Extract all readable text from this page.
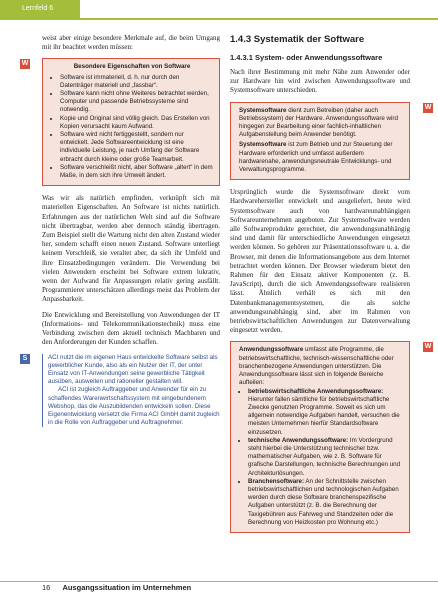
Lernfeld 6

weist aber einige besondere Merkmale auf, die beim Umgang mit ihr beachtet werden müssen:

W	Besondere Eigenschaften von Software
• Software ist immateriell, d. h. nur durch den Datenträger materiell und „fassbar“.
• Software kann nicht ohne Weiteres betrachtet werden, Computer und passende Betriebssysteme sind notwendig.
• Kopie und Original sind völlig gleich. Das Erstellen von Kopien verursacht kaum Aufwand.
• Software wird nicht fertiggestellt, sondern nur entwickelt. Jede Softwareentwicklung ist eine individuelle Leistung, je nach Umfang der Software erbracht durch kleine oder große Teamarbeit.
• Software verschleißt nicht, aber Software „altert“ in dem Maße, in dem sich ihre Umwelt ändert.

Was wir als natürlich empfinden, verknüpft sich mit materiellen Eigenschaften. An Software ist nichts natürlich. Erfahrungen aus der natürlichen Welt sind auf die Software nicht übertragbar, werden aber dennoch ständig übertragen. Zum Beispiel stellt die Wartung nicht den alten Zustand wieder her, sondern schafft einen neuen Zustand. Software unterliegt keinem Verschleiß, sie veraltet aber, da sich ihr Umfeld und ihre Einsatzbedingungen verändern. Die Verwendung bei vielen Anwendern erscheint bei Software extrem lukrativ, wenn der Aufwand für Anpassungen relativ gering ausfällt. Programmierer unterschätzen allerdings meist das Problem der Anpassbarkeit.

Die Entwicklung und Bereitstellung von Anwendungen der IT (Informations- und Telekommunikationstechnik) muss eine Verbindung zwischen dem aktuell technisch Machbaren und den Anforderungen der Kunden schaffen.

S	ACI nutzt die im eigenen Haus entwickelte Software selbst als gewerblicher Kunde, also als ein Nutzer der IT, der unter Einsatz von IT-Anwendungen seine gewerbliche Tätigkeit ausüben, ausweiten und rationeller gestalten will.
ACI ist zugleich Auftraggeber und Anwender für ein zu schaffendes Warenwirtschaftssystem mit eingebundenem Webshop, das die Auszubildenden entwickeln sollen. Diese Eigenentwicklung versetzt die Firma ACI GmbH damit zugleich in die Rolle von Auftraggeber und Auftragnehmer.
1.4.3 Systematik der Software
1.4.3.1 System- oder Anwendungssoftware

Nach ihrer Bestimmung mit mehr Nähe zum Anwender oder zur Hardware hin wird zwischen Anwendungssoftware und Systemsoftware unterschieden.

W
Systemsoftware dient zum Betreiben (daher auch Betriebssystem) der Hardware. Anwendungssoftware wird hingegen zur Bearbeitung einer fachlich-inhaltlichen Aufgabenstellung beim Anwender benötigt.
Systemsoftware ist zum Betrieb und zur Steuerung der Hardware erforderlich und umfasst außerdem hardwarenahe, anwendungsneutrale Entwicklungs- und Verwaltungsprogramme.

Ursprünglich wurde die Systemsoftware direkt vom Hardwarehersteller entwickelt und ausgeliefert, heute wird Systemsoftware auch von hardwareunabhängigen Softwareunternehmen angeboten. Zur Systemsoftware werden alle Softwareprodukte gerechnet, die anwendungsunabhängig sind und damit für unterschiedliche Anwendungen eingesetzt werden können. So gehören zur Präsentationssoftware u. a. die Browser, mit denen die Informationsangebote aus dem Internet betrachtet werden können. Der Browser wiederum bietet den Rahmen für den Einsatz aktiver Komponenten (z. B. JavaScript), durch die sich Anwendungssoftware realisieren lässt. Ähnlich verhält es sich mit den Datenbankmanagementsystemen, die als solche anwendungsunabhängig sind, aber im Rahmen von betriebswirtschaftlichen Anwendungen zur Datenverwaltung eingesetzt werden.

W
Anwendungssoftware umfasst alle Programme, die betriebswirtschaftliche, technisch-wissenschaftliche oder branchenbezogene Anwendungen unterstützen. Die Anwendungssoftware lässt sich in folgende Bereiche aufteilen:
• betriebswirtschaftliche Anwendungssoftware: Hierunter fallen sämtliche für betriebswirtschaftliche Zwecke genutzten Programme. Soweit es sich um allgemein notwendige Aufgaben handelt, versuchen die meisten Unternehmen hierfür Standardsoftware einzusetzen.
• technische Anwendungssoftware: Im Vordergrund steht hierbei die Unterstützung technischer bzw. mathematischer Aufgaben, wie z. B. Software für grafische Darstellungen, technische Berechnungen und Architekturlösungen.
• Branchensoftware: An der Schnittstelle zwischen betriebswirtschaftlichen und technologischen Aufgaben werden durch diese Software branchenspezifische Aufgaben unterstützt (z. B. die Berechnung der Taxigebühren aus Fahrweg und Standzeiten oder die Berechnung von Heizkosten pro Wohnung etc.)
16 Ausgangssituation im Unternehmen
